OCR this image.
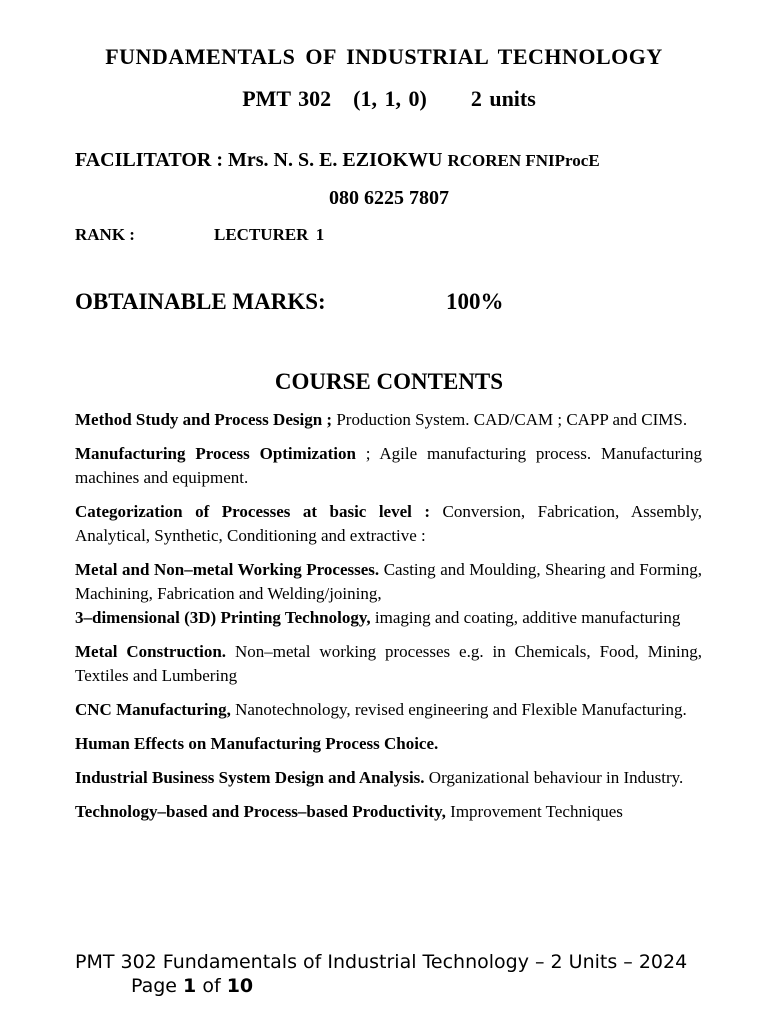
FUNDAMENTALS OF INDUSTRIAL TECHNOLOGY
PMT 302 (1, 1, 0) 2 units
FACILITATOR : Mrs. N. S. E. EZIOKWU RCOREN FNIProcE
080 6225 7807
RANK :	LECTURER 1
OBTAINABLE MARKS:	100%
COURSE CONTENTS

Method Study and Process Design ; Production System. CAD/CAM ; CAPP and CIMS.

Manufacturing Process Optimization ; Agile manufacturing process. Manufacturing machines and equipment.

Categorization of Processes at basic level : Conversion, Fabrication, Assembly, Analytical, Synthetic, Conditioning and extractive :

Metal and Non–metal Working Processes. Casting and Moulding, Shearing and Forming, Machining, Fabrication and Welding/joining,

3–dimensional (3D) Printing Technology, imaging and coating, additive manufacturing

Metal Construction. Non–metal working processes e.g. in Chemicals, Food, Mining, Textiles and Lumbering

CNC Manufacturing, Nanotechnology, revised engineering and Flexible Manufacturing.

Human Effects on Manufacturing Process Choice.

Industrial Business System Design and Analysis. Organizational behaviour in Industry.

Technology–based and Process–based Productivity, Improvement Techniques

PMT 302 Fundamentals of Industrial Technology – 2 Units – 2024 Page 1 of 10
